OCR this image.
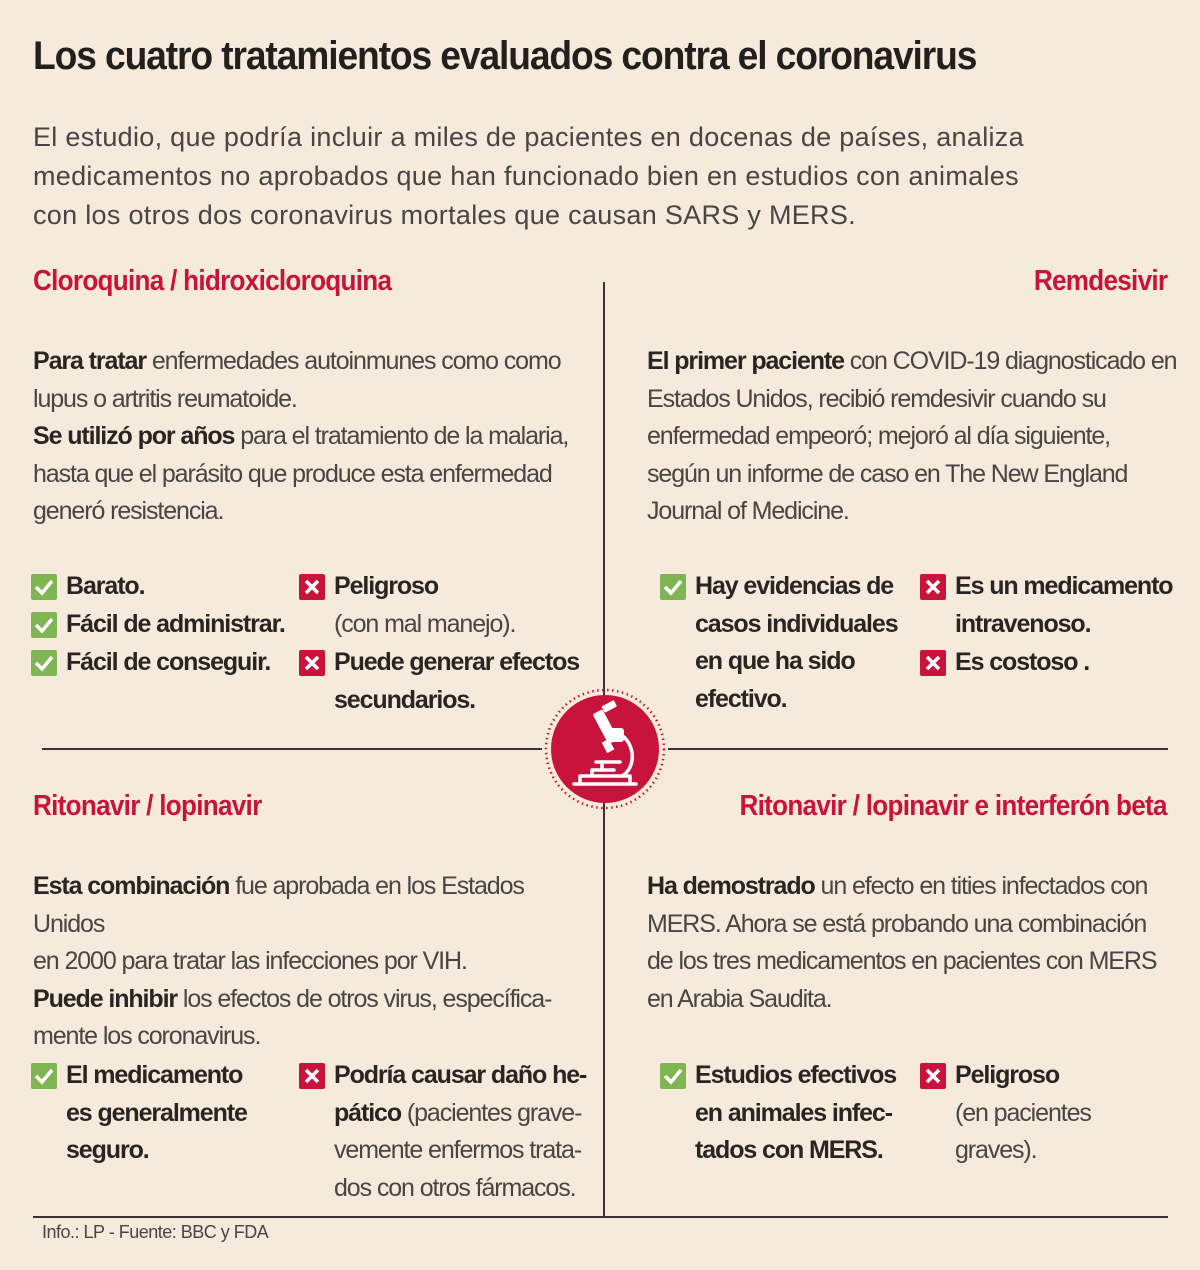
Los cuatro tratamientos evaluados contra el coronavirus
El estudio, que podría incluir a miles de pacientes en docenas de países, analiza
medicamentos no aprobados que han funcionado bien en estudios con animales
con los otros dos coronavirus mortales que causan SARS y MERS.
Cloroquina / hidroxicloroquina
Para tratar enfermedades autoinmunes como como
lupus o artritis reumatoide.
Se utilizó por años para el tratamiento de la malaria,
hasta que el parásito que produce esta enfermedad
generó resistencia.
Barato.
Fácil de administrar.
Fácil de conseguir.
Peligroso
(con mal manejo).
Puede generar efectos
secundarios.
Remdesivir
El primer paciente con COVID-19 diagnosticado en
Estados Unidos, recibió remdesivir cuando su
enfermedad empeoró; mejoró al día siguiente,
según un informe de caso en The New England
Journal of Medicine.
Hay evidencias de
casos individuales
en que ha sido
efectivo.
Es un medicamento
intravenoso.
Es costoso .
Ritonavir / lopinavir
Esta combinación fue aprobada en los Estados Unidos
en 2000 para tratar las infecciones por VIH.
Puede inhibir los efectos de otros virus, específica-
mente los coronavirus.
El medicamento
es generalmente
seguro.
Podría causar daño he-
pático (pacientes grave-
vemente enfermos trata-
dos con otros fármacos.
Ritonavir / lopinavir e interferón beta
Ha demostrado un efecto en tities infectados con
MERS. Ahora se está probando una combinación
de los tres medicamentos en pacientes con MERS
en Arabia Saudita.
Estudios efectivos
en animales infec-
tados con MERS.
Peligroso
(en pacientes
graves).
Info.: LP - Fuente: BBC y FDA
